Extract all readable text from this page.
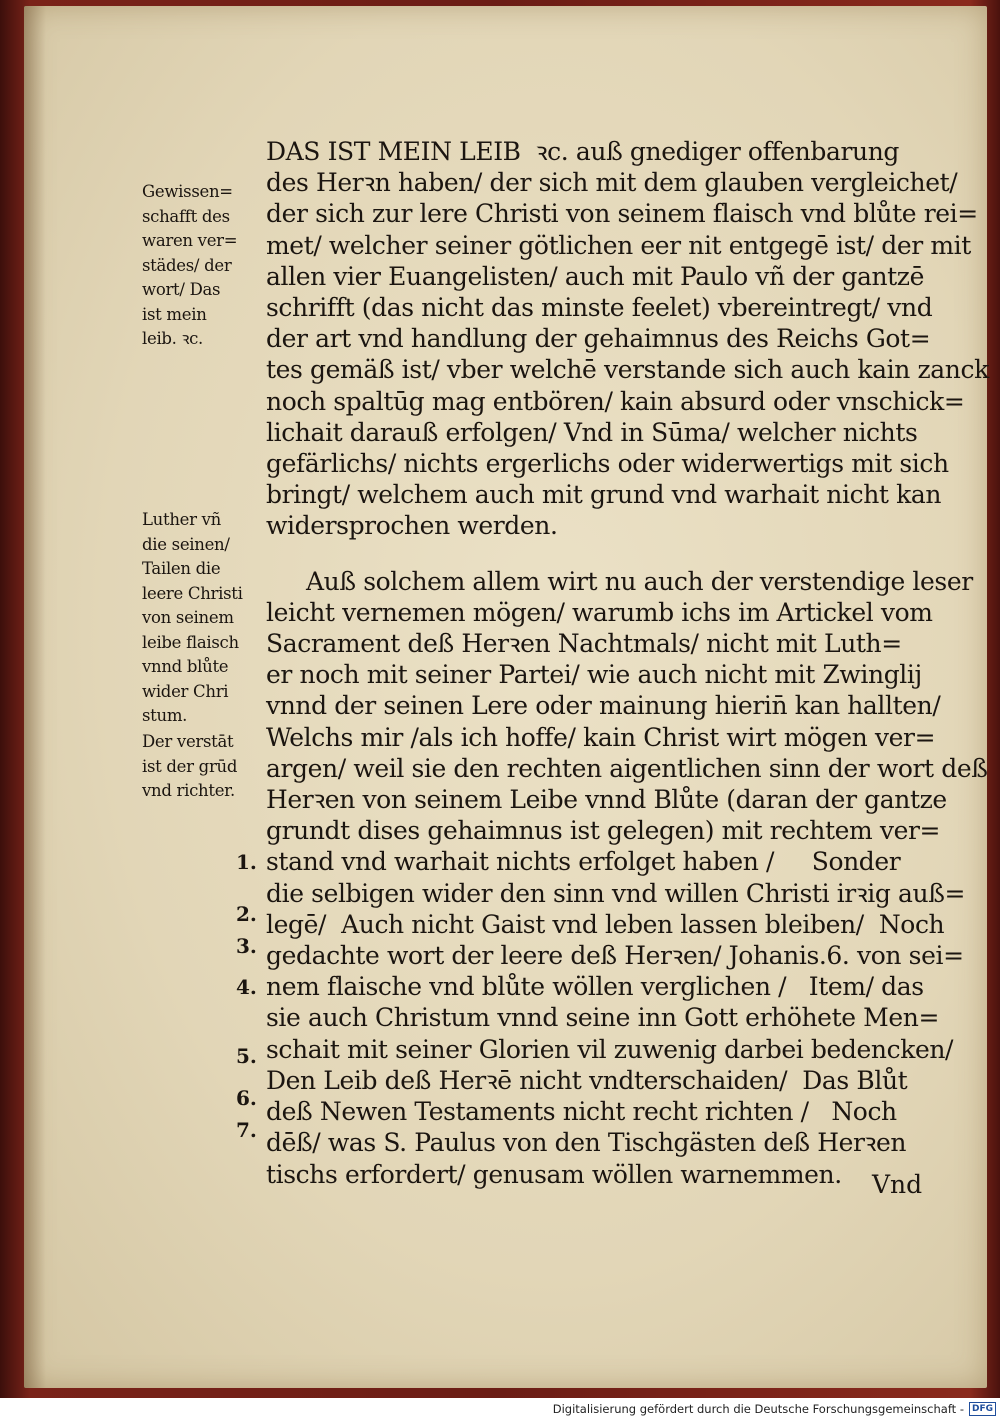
DAS IST MEIN LEIB  ꝛc. auß gnediger offenbarung

des Herꝛn haben/ der sich mit dem glauben vergleichet/

der sich zur lere Christi von seinem flaisch vnd blůte rei=

met/ welcher seiner götlichen eer nit entgegē ist/ der mit

allen vier Euangelisten/ auch mit Paulo vñ der gantzē

schrifft (das nicht das minste feelet) vbereintregt/ vnd

der art vnd handlung der gehaimnus des Reichs Got=

tes gemäß ist/ vber welchē verstande sich auch kain zanck

noch spaltūg mag entbören/ kain absurd oder vnschick=

lichait darauß erfolgen/ Vnd in Sūma/ welcher nichts

gefärlichs/ nichts ergerlichs oder widerwertigs mit sich

bringt/ welchem auch mit grund vnd warhait nicht kan

widersprochen werden.

Auß solchem allem wirt nu auch der verstendige leser

leicht vernemen mögen/ warumb ichs im Artickel vom

Sacrament deß Herꝛen Nachtmals/ nicht mit Luth=

er noch mit seiner Partei/ wie auch nicht mit Zwinglij

vnnd der seinen Lere oder mainung hierin̄ kan hallten/

Welchs mir /als ich hoffe/ kain Christ wirt mögen ver=

argen/ weil sie den rechten aigentlichen sinn der wort deß

Herꝛen von seinem Leibe vnnd Blůte (daran der gantze

grundt dises gehaimnus ist gelegen) mit rechtem ver=

stand vnd warhait nichts erfolget haben /     Sonder

die selbigen wider den sinn vnd willen Christi irꝛig auß=

legē/  Auch nicht Gaist vnd leben lassen bleiben/  Noch

gedachte wort der leere deß Herꝛen/ Johanis.6. von sei=

nem flaische vnd blůte wöllen verglichen /   Item/ das

sie auch Christum vnnd seine inn Gott erhöhete Men=

schait mit seiner Glorien vil zuwenig darbei bedencken/

Den Leib deß Herꝛē nicht vndterschaiden/  Das Blůt

deß Newen Testaments nicht recht richten /   Noch

dēß/ was S. Paulus von den Tischgästen deß Herꝛen

tischs erfordert/ genusam wöllen warnemmen.	Vnd

Gewissen=

schafft des

waren ver=

städes/ der

wort/ Das

ist mein

leib. ꝛc.

Luther vñ

die seinen/

Tailen die

leere Christi

von seinem

leibe flaisch

vnnd blůte

wider Chri

stum.

Der verstāt

ist der grūd

vnd richter.

1.
2.
3.
4.
5.
6.
7.
Digitalisierung gefördert durch die Deutsche Forschungsgemeinschaft - DFG
